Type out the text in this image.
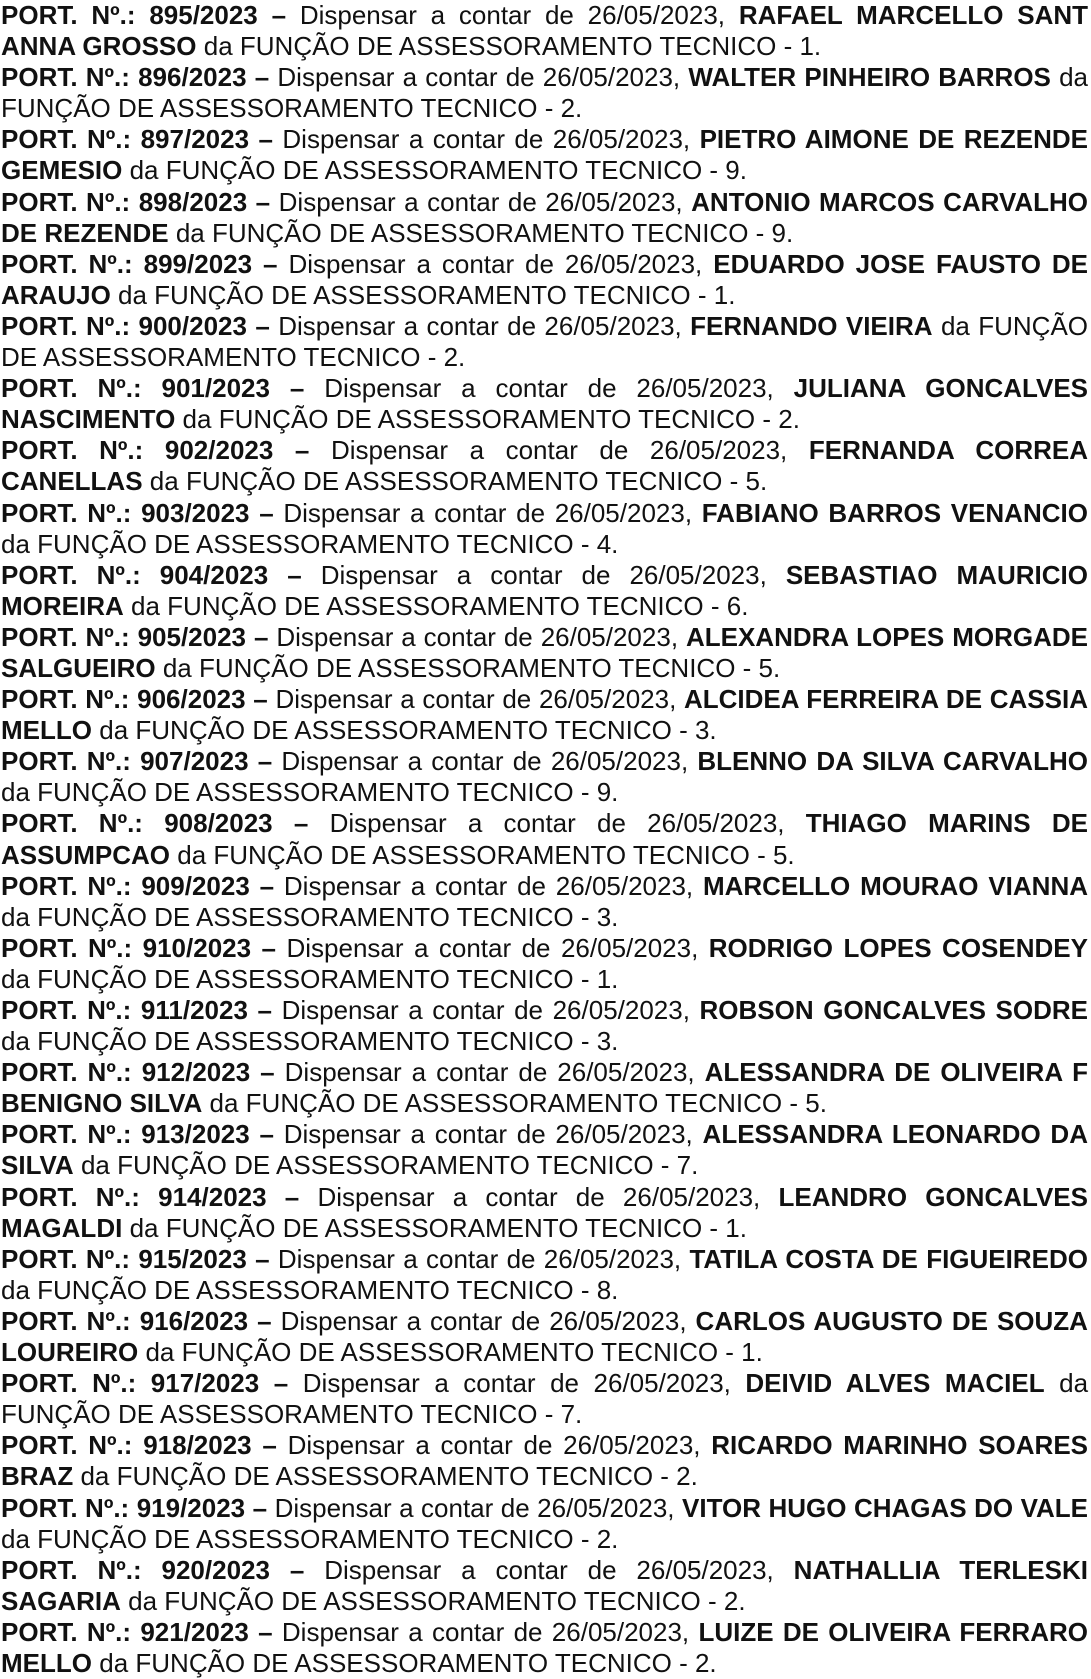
PORT. Nº.: 895/2023 – Dispensar a contar de 26/05/2023, RAFAEL MARCELLO SANT ANNA GROSSO da FUNÇÃO DE ASSESSORAMENTO TECNICO - 1.

PORT. Nº.: 896/2023 – Dispensar a contar de 26/05/2023, WALTER PINHEIRO BARROS da FUNÇÃO DE ASSESSORAMENTO TECNICO - 2.

PORT. Nº.: 897/2023 – Dispensar a contar de 26/05/2023, PIETRO AIMONE DE REZENDE GEMESIO da FUNÇÃO DE ASSESSORAMENTO TECNICO - 9.

PORT. Nº.: 898/2023 – Dispensar a contar de 26/05/2023, ANTONIO MARCOS CARVALHO DE REZENDE da FUNÇÃO DE ASSESSORAMENTO TECNICO - 9.

PORT. Nº.: 899/2023 – Dispensar a contar de 26/05/2023, EDUARDO JOSE FAUSTO DE ARAUJO da FUNÇÃO DE ASSESSORAMENTO TECNICO - 1.

PORT. Nº.: 900/2023 – Dispensar a contar de 26/05/2023, FERNANDO VIEIRA da FUNÇÃO DE ASSESSORAMENTO TECNICO - 2.

PORT. Nº.: 901/2023 – Dispensar a contar de 26/05/2023, JULIANA GONCALVES NASCIMENTO da FUNÇÃO DE ASSESSORAMENTO TECNICO - 2.

PORT. Nº.: 902/2023 – Dispensar a contar de 26/05/2023, FERNANDA CORREA CANELLAS da FUNÇÃO DE ASSESSORAMENTO TECNICO - 5.

PORT. Nº.: 903/2023 – Dispensar a contar de 26/05/2023, FABIANO BARROS VENANCIO da FUNÇÃO DE ASSESSORAMENTO TECNICO - 4.

PORT. Nº.: 904/2023 – Dispensar a contar de 26/05/2023, SEBASTIAO MAURICIO MOREIRA da FUNÇÃO DE ASSESSORAMENTO TECNICO - 6.

PORT. Nº.: 905/2023 – Dispensar a contar de 26/05/2023, ALEXANDRA LOPES MORGADE SALGUEIRO da FUNÇÃO DE ASSESSORAMENTO TECNICO - 5.

PORT. Nº.: 906/2023 – Dispensar a contar de 26/05/2023, ALCIDEA FERREIRA DE CASSIA MELLO da FUNÇÃO DE ASSESSORAMENTO TECNICO - 3.

PORT. Nº.: 907/2023 – Dispensar a contar de 26/05/2023, BLENNO DA SILVA CARVALHO da FUNÇÃO DE ASSESSORAMENTO TECNICO - 9.

PORT. Nº.: 908/2023 – Dispensar a contar de 26/05/2023, THIAGO MARINS DE ASSUMPCAO da FUNÇÃO DE ASSESSORAMENTO TECNICO - 5.

PORT. Nº.: 909/2023 – Dispensar a contar de 26/05/2023, MARCELLO MOURAO VIANNA da FUNÇÃO DE ASSESSORAMENTO TECNICO - 3.

PORT. Nº.: 910/2023 – Dispensar a contar de 26/05/2023, RODRIGO LOPES COSENDEY da FUNÇÃO DE ASSESSORAMENTO TECNICO - 1.

PORT. Nº.: 911/2023 – Dispensar a contar de 26/05/2023, ROBSON GONCALVES SODRE da FUNÇÃO DE ASSESSORAMENTO TECNICO - 3.

PORT. Nº.: 912/2023 – Dispensar a contar de 26/05/2023, ALESSANDRA DE OLIVEIRA F BENIGNO SILVA da FUNÇÃO DE ASSESSORAMENTO TECNICO - 5.

PORT. Nº.: 913/2023 – Dispensar a contar de 26/05/2023, ALESSANDRA LEONARDO DA SILVA da FUNÇÃO DE ASSESSORAMENTO TECNICO - 7.

PORT. Nº.: 914/2023 – Dispensar a contar de 26/05/2023, LEANDRO GONCALVES MAGALDI da FUNÇÃO DE ASSESSORAMENTO TECNICO - 1.

PORT. Nº.: 915/2023 – Dispensar a contar de 26/05/2023, TATILA COSTA DE FIGUEIREDO da FUNÇÃO DE ASSESSORAMENTO TECNICO - 8.

PORT. Nº.: 916/2023 – Dispensar a contar de 26/05/2023, CARLOS AUGUSTO DE SOUZA LOUREIRO da FUNÇÃO DE ASSESSORAMENTO TECNICO - 1.

PORT. Nº.: 917/2023 – Dispensar a contar de 26/05/2023, DEIVID ALVES MACIEL da FUNÇÃO DE ASSESSORAMENTO TECNICO - 7.

PORT. Nº.: 918/2023 – Dispensar a contar de 26/05/2023, RICARDO MARINHO SOARES BRAZ da FUNÇÃO DE ASSESSORAMENTO TECNICO - 2.

PORT. Nº.: 919/2023 – Dispensar a contar de 26/05/2023, VITOR HUGO CHAGAS DO VALE da FUNÇÃO DE ASSESSORAMENTO TECNICO - 2.

PORT. Nº.: 920/2023 – Dispensar a contar de 26/05/2023, NATHALLIA TERLESKI SAGARIA da FUNÇÃO DE ASSESSORAMENTO TECNICO - 2.

PORT. Nº.: 921/2023 – Dispensar a contar de 26/05/2023, LUIZE DE OLIVEIRA FERRARO MELLO da FUNÇÃO DE ASSESSORAMENTO TECNICO - 2.
